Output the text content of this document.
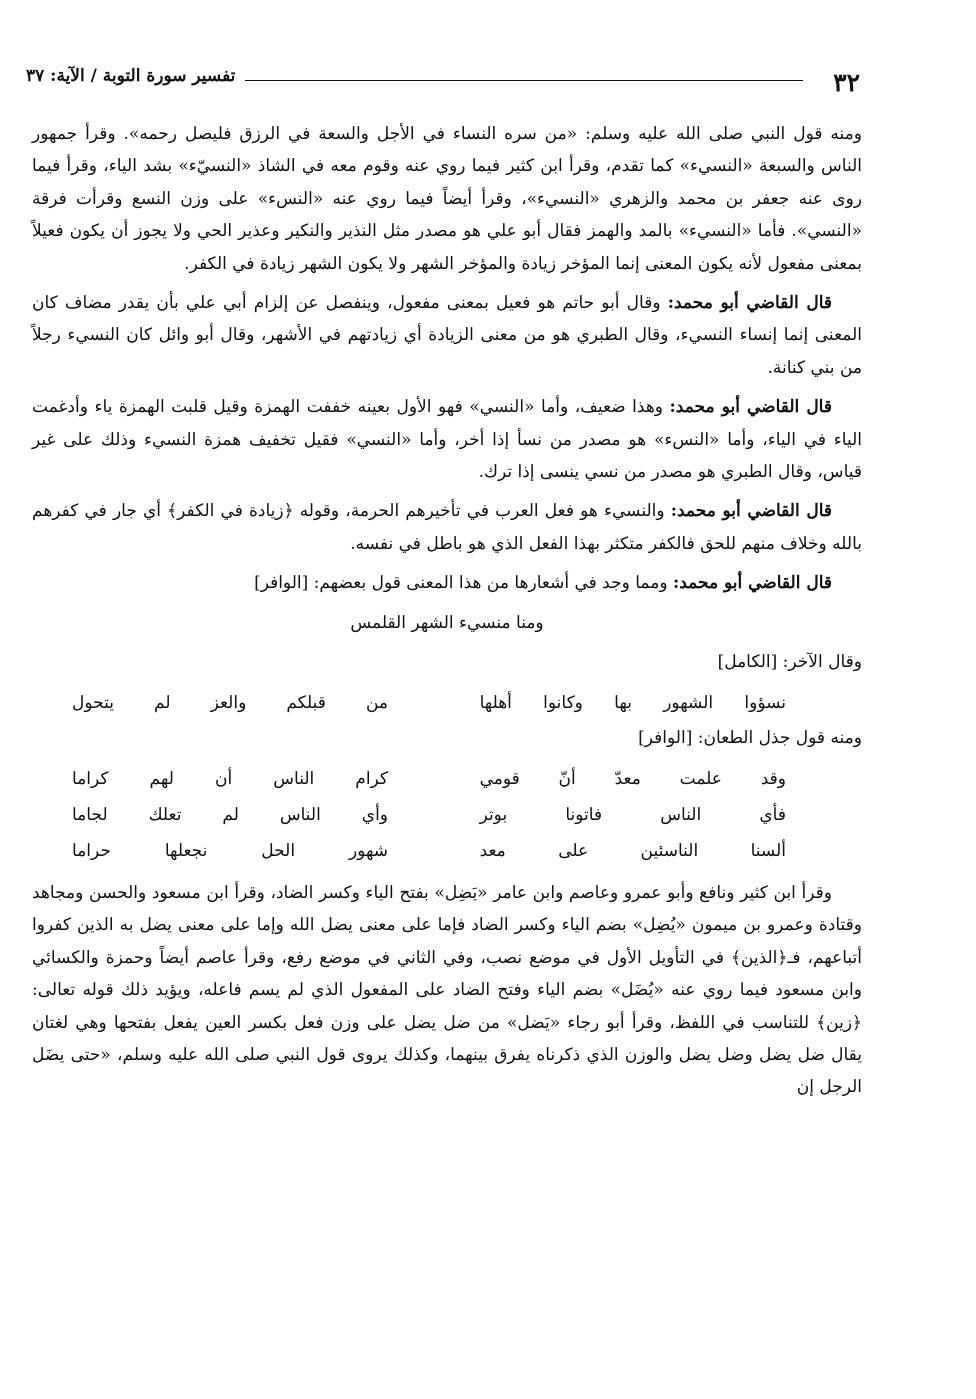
٣٢
تفسير سورة التوبة / الآية: ٣٧

ومنه قول النبي صلى الله عليه وسلم: «من سره النساء في الأجل والسعة في الرزق فليصل رحمه». وقرأ جمهور الناس والسبعة «النسيء» كما تقدم، وقرأ ابن كثير فيما روي عنه وقوم معه في الشاذ «النسيّء» بشد الياء، وقرأ فيما روى عنه جعفر بن محمد والزهري «النسيء»، وقرأ أيضاً فيما روي عنه «النسء» على وزن النسع وقرأت فرقة «النسي». فأما «النسيء» بالمد والهمز فقال أبو علي هو مصدر مثل النذير والنكير وعذير الحي ولا يجوز أن يكون فعيلاً بمعنى مفعول لأنه يكون المعنى إنما المؤخر زيادة والمؤخر الشهر ولا يكون الشهر زيادة في الكفر.

قال القاضي أبو محمد: وقال أبو حاتم هو فعيل بمعنى مفعول، وينفصل عن إلزام أبي علي بأن يقدر مضاف كان المعنى إنما إنساء النسيء، وقال الطبري هو من معنى الزيادة أي زيادتهم في الأشهر، وقال أبو وائل كان النسيء رجلاً من بني كنانة.

قال القاضي أبو محمد: وهذا ضعيف، وأما «النسي» فهو الأول بعينه خففت الهمزة وقيل قلبت الهمزة ياء وأدغمت الياء في الياء، وأما «النسء» هو مصدر من نسأ إذا أخر، وأما «النسي» فقيل تخفيف همزة النسيء وذلك على غير قياس، وقال الطبري هو مصدر من نسي ينسى إذا ترك.

قال القاضي أبو محمد: والنسيء هو فعل العرب في تأخيرهم الحرمة، وقوله ﴿زيادة في الكفر﴾ أي جار في كفرهم بالله وخلاف منهم للحق فالكفر متكثر بهذا الفعل الذي هو باطل في نفسه.

قال القاضي أبو محمد: ومما وجد في أشعارها من هذا المعنى قول بعضهم: [الوافر]

ومنا منسيء الشهر القلمس

وقال الآخر: [الكامل]

نسؤوا الشهور بها وكانوا أهلها		من قبلكم والعز لم يتحول

ومنه قول جذل الطعان: [الوافر]

وقد علمت معدّ أنّ قومي		كرام الناس أن لهم كراما
فأي الناس فاتونا بوتر		وأي الناس لم تعلك لجاما
ألسنا الناسئين على معد		شهور الحل نجعلها حراما

وقرأ ابن كثير ونافع وأبو عمرو وعاصم وابن عامر «يَضِل» بفتح الياء وكسر الضاد، وقرأ ابن مسعود والحسن ومجاهد وقتادة وعمرو بن ميمون «يُضِل» بضم الياء وكسر الضاد فإما على معنى يضل الله وإما على معنى يضل به الذين كفروا أتباعهم، فـ﴿الذين﴾ في التأويل الأول في موضع نصب، وفي الثاني في موضع رفع، وقرأ عاصم أيضاً وحمزة والكسائي وابن مسعود فيما روي عنه «يُضَل» بضم الياء وفتح الضاد على المفعول الذي لم يسم فاعله، ويؤيد ذلك قوله تعالى: ﴿زين﴾ للتناسب في اللفظ، وقرأ أبو رجاء «يَضل» من ضل يضل على وزن فعل بكسر العين يفعل بفتحها وهي لغتان يقال ضل يضل وضل يضل والوزن الذي ذكرناه يفرق بينهما، وكذلك يروى قول النبي صلى الله عليه وسلم، «حتى يضَل الرجل إن
